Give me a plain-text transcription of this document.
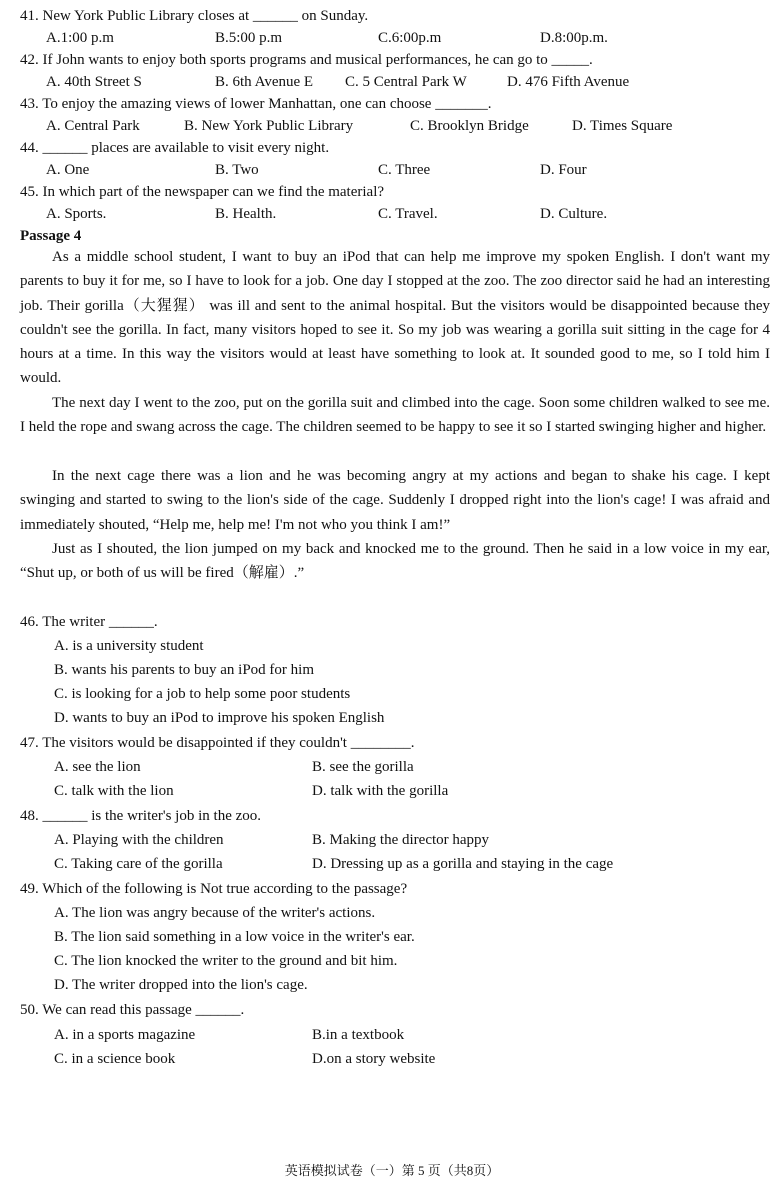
41. New York Public Library closes at ______ on Sunday.
A.1:00 p.m	B.5:00 p.m	C.6:00p.m	D.8:00p.m.
42. If John wants to enjoy both sports programs and musical performances, he can go to _____.
A. 40th Street S	B. 6th Avenue E C. 5 Central Park W	D. 476 Fifth Avenue
43. To enjoy the amazing views of lower Manhattan, one can choose _______.
A. Central Park	B. New York Public Library	C. Brooklyn Bridge	D. Times Square
44. ______ places are available to visit every night.
A. One	B. Two	C. Three	D. Four
45. In which part of the newspaper can we find the material?
A. Sports.	B. Health.	C. Travel.	D. Culture.
Passage 4
As a middle school student, I want to buy an iPod that can help me improve my spoken English. I don't want my parents to buy it for me, so I have to look for a job. One day I stopped at the zoo. The zoo director said he had an interesting job. Their gorilla（大猩猩） was ill and sent to the animal hospital. But the visitors would be disappointed because they couldn't see the gorilla. In fact, many visitors hoped to see it. So my job was wearing a gorilla suit sitting in the cage for 4 hours at a time. In this way the visitors would at least have something to look at. It sounded good to me, so I told him I would.
The next day I went to the zoo, put on the gorilla suit and climbed into the cage. Soon some children walked to see me. I held the rope and swang across the cage. The children seemed to be happy to see it so I started swinging higher and higher.
In the next cage there was a lion and he was becoming angry at my actions and began to shake his cage. I kept swinging and started to swing to the lion's side of the cage. Suddenly I dropped right into the lion's cage! I was afraid and immediately shouted, “Help me, help me! I'm not who you think I am!”
Just as I shouted, the lion jumped on my back and knocked me to the ground. Then he said in a low voice in my ear, “Shut up, or both of us will be fired（解雇）.”
46. The writer ______.
A. is a university student
B. wants his parents to buy an iPod for him
C. is looking for a job to help some poor students
D. wants to buy an iPod to improve his spoken English
47. The visitors would be disappointed if they couldn't ________.
A. see the lion	B. see the gorilla
C. talk with the lion	D. talk with the gorilla
48. ______ is the writer's job in the zoo.
A. Playing with the children	B. Making the director happy
C. Taking care of the gorilla	D. Dressing up as a gorilla and staying in the cage
49. Which of the following is Not true according to the passage?
A. The lion was angry because of the writer's actions.
B. The lion said something in a low voice in the writer's ear.
C. The lion knocked the writer to the ground and bit him.
D. The writer dropped into the lion's cage.
50. We can read this passage ______.
A. in a sports magazine	B.in a textbook
C. in a science book	D.on a story website
英语模拟试卷（一）第 5 页（共8页）
